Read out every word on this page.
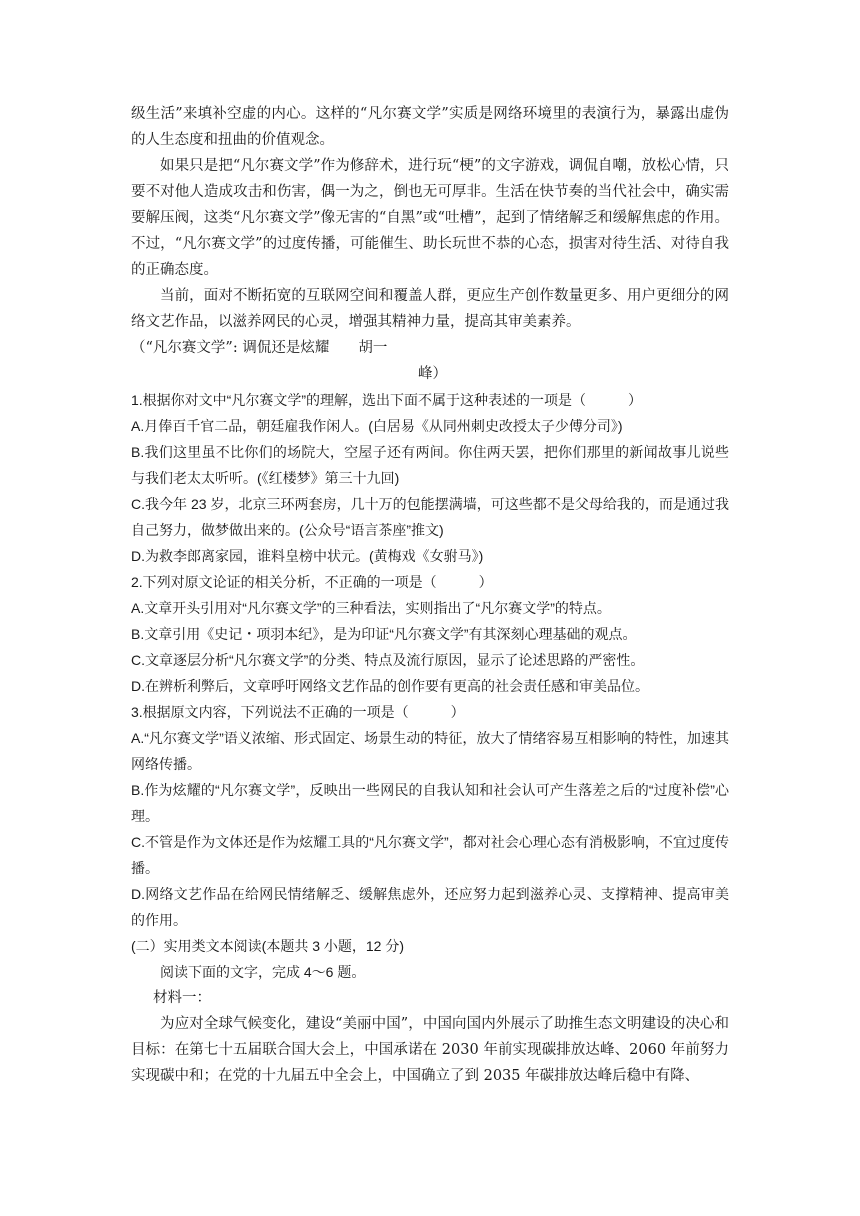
级生活”来填补空虚的内心。这样的“凡尔赛文学”实质是网络环境里的表演行为，暴露出虚伪的人生态度和扭曲的价值观念。

如果只是把“凡尔赛文学”作为修辞术，进行玩“梗”的文字游戏，调侃自嘲，放松心情，只要不对他人造成攻击和伤害，偶一为之，倒也无可厚非。生活在快节奏的当代社会中，确实需要解压阀，这类“凡尔赛文学”像无害的“自黑”或“吐槽”，起到了情绪解乏和缓解焦虑的作用。不过，“凡尔赛文学”的过度传播，可能催生、助长玩世不恭的心态，损害对待生活、对待自我的正确态度。

当前，面对不断拓宽的互联网空间和覆盖人群，更应生产创作数量更多、用户更细分的网络文艺作品，以滋养网民的心灵，增强其精神力量，提高其审美素养。

（“凡尔赛文学”: 调侃还是炫耀　　胡一

峰）

1.根据你对文中“凡尔赛文学”的理解，选出下面不属于这种表述的一项是（　　　）

A.月俸百千官二品，朝廷雇我作闲人。(白居易《从同州刺史改授太子少傅分司》)

B.我们这里虽不比你们的场院大，空屋子还有两间。你住两天罢，把你们那里的新闻故事儿说些与我们老太太听听。(《红楼梦》第三十九回)

C.我今年 23 岁，北京三环两套房，几十万的包能摆满墙，可这些都不是父母给我的，而是通过我自己努力，做梦做出来的。(公众号“语言茶座”推文)

D.为救李郎离家园，谁料皇榜中状元。(黄梅戏《女驸马》)

2.下列对原文论证的相关分析，不正确的一项是（　　　）

A.文章开头引用对“凡尔赛文学”的三种看法，实则指出了“凡尔赛文学”的特点。

B.文章引用《史记・项羽本纪》，是为印证“凡尔赛文学”有其深刻心理基础的观点。

C.文章逐层分析“凡尔赛文学”的分类、特点及流行原因，显示了论述思路的严密性。

D.在辨析利弊后，文章呼吁网络文艺作品的创作要有更高的社会责任感和审美品位。

3.根据原文内容，下列说法不正确的一项是（　　　）

A.“凡尔赛文学”语义浓缩、形式固定、场景生动的特征，放大了情绪容易互相影响的特性，加速其网络传播。

B.作为炫耀的“凡尔赛文学”，反映出一些网民的自我认知和社会认可产生落差之后的“过度补偿”心理。

C.不管是作为文体还是作为炫耀工具的“凡尔赛文学”，都对社会心理心态有消极影响，不宜过度传播。

D.网络文艺作品在给网民情绪解乏、缓解焦虑外，还应努力起到滋养心灵、支撑精神、提高审美的作用。

(二）实用类文本阅读(本题共 3 小题，12 分)

阅读下面的文字，完成 4～6 题。

材料一：

为应对全球气候变化，建设“美丽中国”，中国向国内外展示了助推生态文明建设的决心和目标：在第七十五届联合国大会上，中国承诺在 2030 年前实现碳排放达峰、2060 年前努力实现碳中和；在党的十九届五中全会上，中国确立了到 2035 年碳排放达峰后稳中有降、
